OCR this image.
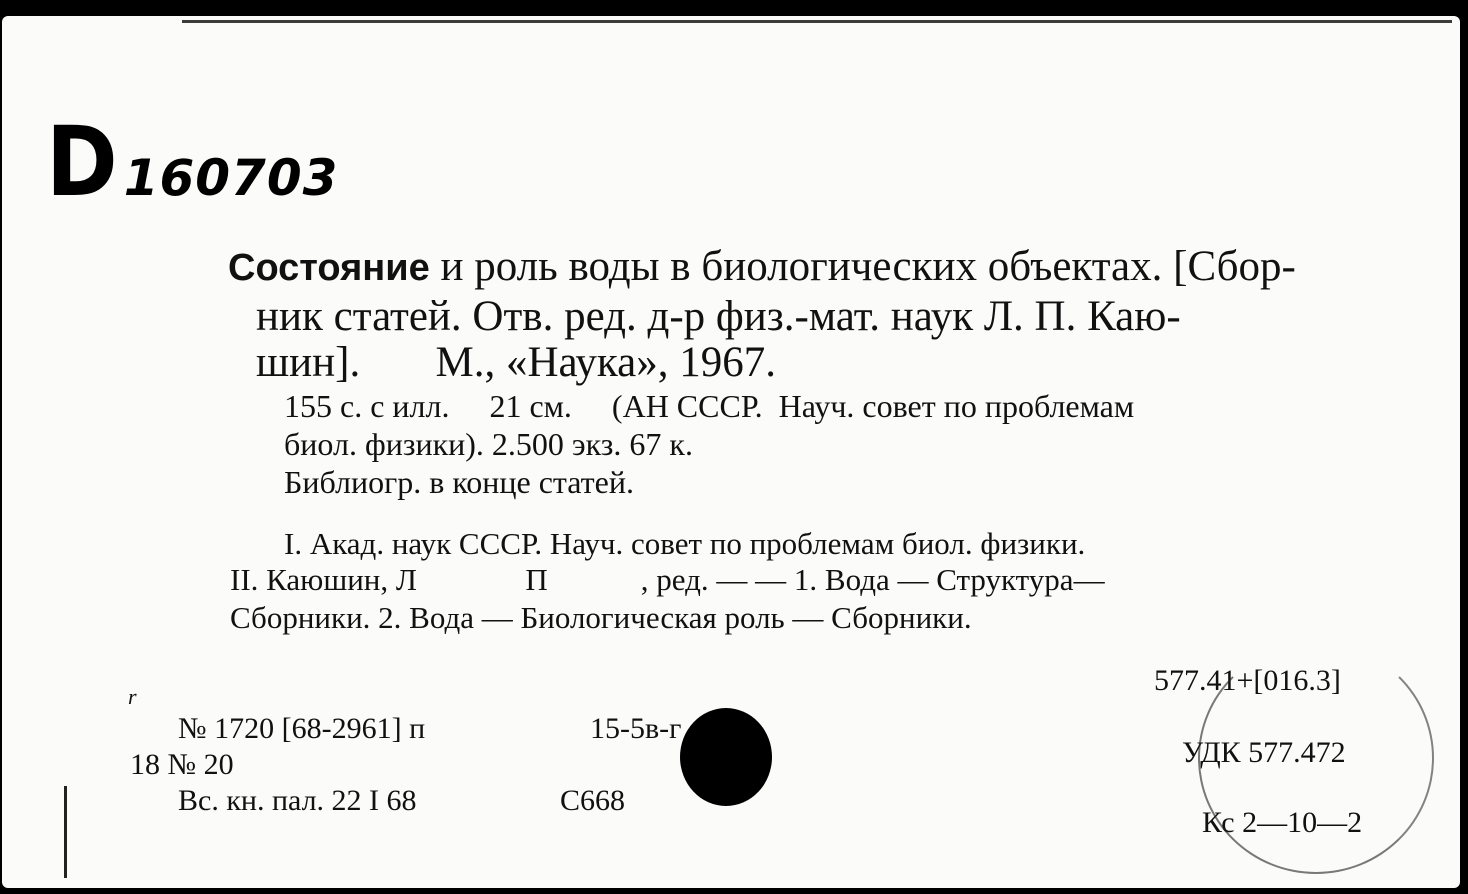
D 160703
Состояние и роль воды в биологических объектах. [Сбор-
ник статей. Отв. ред. д-р физ.-мат. наук Л. П. Каю-
шин].       М., «Наука», 1967.
155 с. с илл.     21 см.     (АН СССР.  Науч. совет по проблемам
биол. физики). 2.500 экз. 67 к.
Библиогр. в конце статей.
I. Акад. наук СССР. Науч. совет по проблемам биол. физики.
II. Каюшин, Л              П            , ред. — — 1. Вода — Структура—
Сборники. 2. Вода — Биологическая роль — Сборники.
r
№ 1720 [68-2961] п	15-5в-г
18 № 20
Вс. кн. пал. 22 I 68	С668
577.41+[016.3]
УДК 577.472
Кс 2—10—2
